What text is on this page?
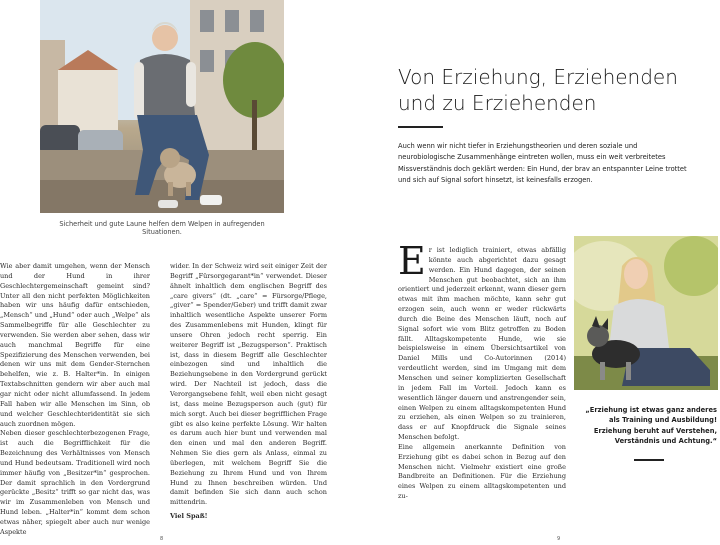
Sicherheit und gute Laune helfen dem Welpen in aufregenden Situationen.

Wie aber damit umgehen, wenn der Mensch und der Hund in ihrer Geschlechtergemeinschaft gemeint sind? Unter all den nicht perfekten Möglichkeiten haben wir uns häufig dafür entschieden, „Mensch“ und „Hund“ oder auch „Welpe“ als Sammelbegriffe für alle Geschlechter zu verwenden. Sie werden aber sehen, dass wir auch manchmal Begriffe für eine Spezifizierung des Menschen verwenden, bei denen wir uns mit dem Gender-Sternchen behelfen, wie z. B. Halter*in. In einigen Textabschnitten gendern wir aber auch mal gar nicht oder nicht allumfassend. In jedem Fall haben wir alle Menschen im Sinn, ob und welcher Geschlechteridentität sie sich auch zuordnen mögen.

Neben dieser geschlechterbezogenen Frage, ist auch die Begrifflichkeit für die Bezeichnung des Verhältnisses von Mensch und Hund bedeutsam. Traditionell wird noch immer häufig von „Besitzer*in“ gesprochen. Der damit sprachlich in den Vordergrund gerückte „Besitz“ trifft so gar nicht das, was wir im Zusammenleben von Mensch und Hund leben. „Halter*in“ kommt dem schon etwas näher, spiegelt aber auch nur wenige Aspekte

wider. In der Schweiz wird seit einiger Zeit der Begriff „Fürsorgegarant*in“ verwendet. Dieser ähnelt inhaltlich dem englischen Begriff des „care givers“ (dt. „care“ = Fürsorge/Pflege, „giver“ = Spender/Geber) und trifft damit zwar inhaltlich wesentliche Aspekte unserer Form des Zusammenlebens mit Hunden, klingt für unsere Ohren jedoch recht sperrig. Ein weiterer Begriff ist „Bezugsperson“. Praktisch ist, dass in diesem Begriff alle Geschlechter einbezogen sind und inhaltlich die Beziehungsebene in den Vordergrund gerückt wird. Der Nachteil ist jedoch, dass die Verorgangsebene fehlt, weil eben nicht gesagt ist, dass meine Bezugsperson auch (gut) für mich sorgt. Auch bei dieser begrifflichen Frage gibt es also keine perfekte Lösung. Wir halten es darum auch hier bunt und verwenden mal den einen und mal den anderen Begriff. Nehmen Sie dies gern als Anlass, einmal zu überlegen, mit welchem Begriff Sie die Beziehung zu Ihrem Hund und von Ihrem Hund zu Ihnen beschreiben würden. Und damit befinden Sie sich dann auch schon mittendrin.

Viel Spaß!

8
Von Erziehung, Erziehenden
und zu Erziehenden
Auch wenn wir nicht tiefer in Erziehungstheorien und deren soziale und neurobiologische Zusammenhänge eintreten wollen, muss ein weit verbreitetes Missverständnis doch geklärt werden: Ein Hund, der brav an entspannter Leine trottet und sich auf Signal sofort hinsetzt, ist keinesfalls erzogen.

Er ist lediglich trainiert, etwas abfällig könnte auch abgerichtet dazu gesagt werden. Ein Hund dagegen, der seinen Menschen gut beobachtet, sich an ihm orientiert und jederzeit erkennt, wann dieser gern etwas mit ihm machen möchte, kann sehr gut erzogen sein, auch wenn er weder rückwärts durch die Beine des Menschen läuft, noch auf Signal sofort wie vom Blitz getroffen zu Boden fällt. Alltagskompetente Hunde, wie sie beispielsweise in einem Übersichtsartikel von Daniel Mills und Co-Autorinnen (2014) verdeutlicht werden, sind im Umgang mit dem Menschen und seiner komplizierten Gesellschaft in jedem Fall im Vorteil. Jedoch kann es wesentlich länger dauern und anstrengender sein, einen Welpen zu einem alltagskompetenten Hund zu erziehen, als einen Welpen so zu trainieren, dass er auf Knopfdruck die Signale seines Menschen befolgt.

Eine allgemein anerkannte Definition von Erziehung gibt es dabei schon in Bezug auf den Menschen nicht. Vielmehr existiert eine große Bandbreite an Definitionen. Für die Erziehung eines Welpen zu einem alltagskompetenten und zu-

„Erziehung ist etwas ganz anderes als Training und Ausbildung! Erziehung beruht auf Verstehen, Verständnis und Achtung.“
9
